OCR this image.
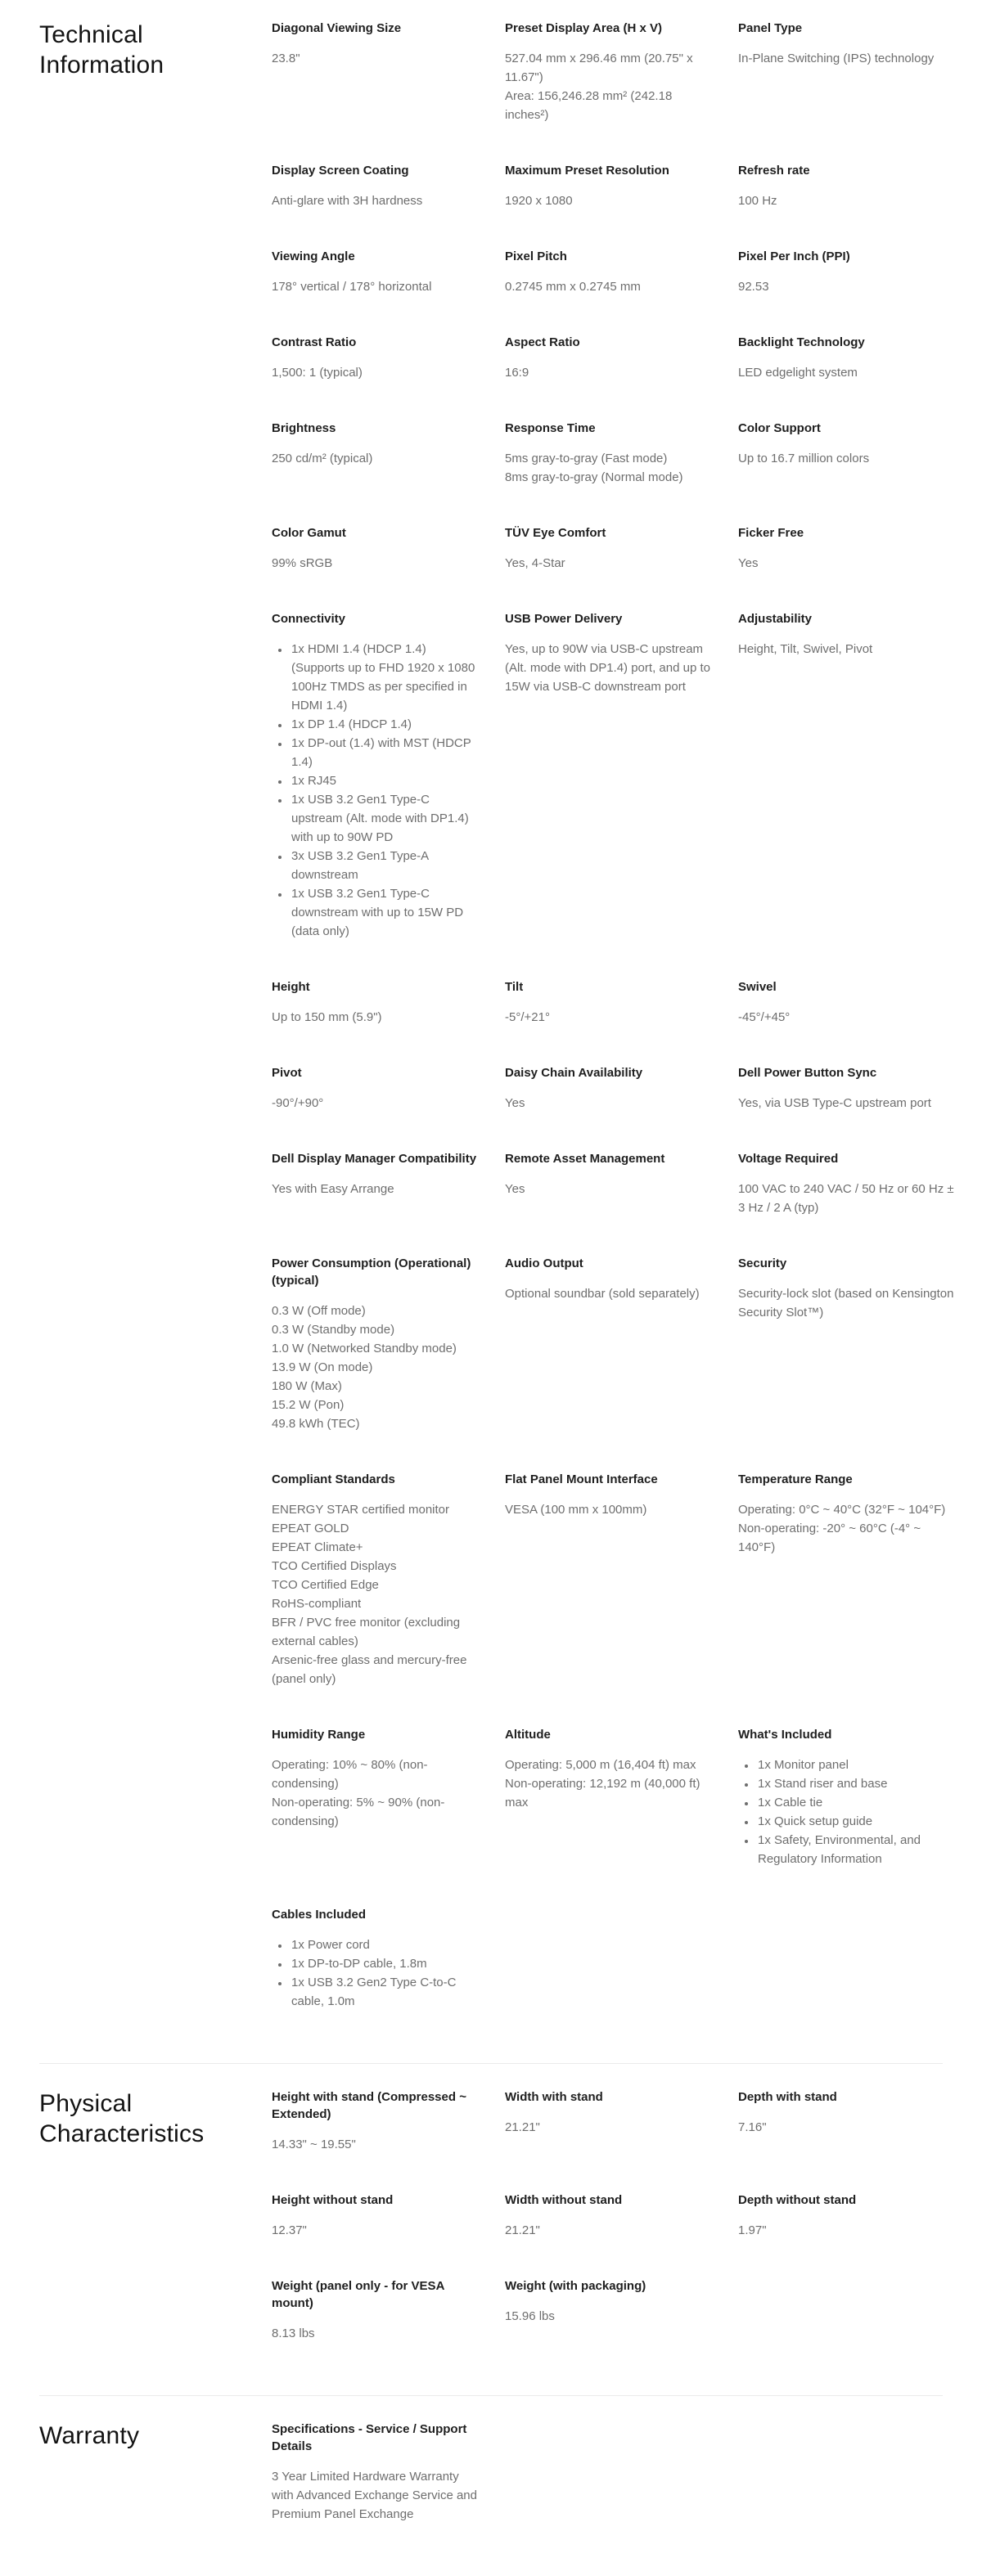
Technical Information
Diagonal Viewing Size
23.8"
Preset Display Area (H x V)
527.04 mm x 296.46 mm (20.75" x 11.67")
Area: 156,246.28 mm² (242.18 inches²)
Panel Type
In-Plane Switching (IPS) technology
Display Screen Coating
Anti-glare with 3H hardness
Maximum Preset Resolution
1920 x 1080
Refresh rate
100 Hz
Viewing Angle
178° vertical / 178° horizontal
Pixel Pitch
0.2745 mm x 0.2745 mm
Pixel Per Inch (PPI)
92.53
Contrast Ratio
1,500: 1 (typical)
Aspect Ratio
16:9
Backlight Technology
LED edgelight system
Brightness
250 cd/m² (typical)
Response Time
5ms gray-to-gray (Fast mode)
8ms gray-to-gray (Normal mode)
Color Support
Up to 16.7 million colors
Color Gamut
99% sRGB
TÜV Eye Comfort
Yes, 4-Star
Ficker Free
Yes
Connectivity
• 1x HDMI 1.4 (HDCP 1.4) (Supports up to FHD 1920 x 1080 100Hz TMDS as per specified in HDMI 1.4)
• 1x DP 1.4 (HDCP 1.4)
• 1x DP-out (1.4) with MST (HDCP 1.4)
• 1x RJ45
• 1x USB 3.2 Gen1 Type-C upstream (Alt. mode with DP1.4) with up to 90W PD
• 3x USB 3.2 Gen1 Type-A downstream
• 1x USB 3.2 Gen1 Type-C downstream with up to 15W PD (data only)
USB Power Delivery
Yes, up to 90W via USB-C upstream (Alt. mode with DP1.4) port, and up to 15W via USB-C downstream port
Adjustability
Height, Tilt, Swivel, Pivot
Height
Up to 150 mm (5.9")
Tilt
-5°/+21°
Swivel
-45°/+45°
Pivot
-90°/+90°
Daisy Chain Availability
Yes
Dell Power Button Sync
Yes, via USB Type-C upstream port
Dell Display Manager Compatibility
Yes with Easy Arrange
Remote Asset Management
Yes
Voltage Required
100 VAC to 240 VAC / 50 Hz or 60 Hz ± 3 Hz / 2 A (typ)
Power Consumption (Operational) (typical)
0.3 W (Off mode)
0.3 W (Standby mode)
1.0 W (Networked Standby mode)
13.9 W (On mode)
180 W (Max)
15.2 W (Pon)
49.8 kWh (TEC)
Audio Output
Optional soundbar (sold separately)
Security
Security-lock slot (based on Kensington Security Slot™)
Compliant Standards
ENERGY STAR certified monitor
EPEAT GOLD
EPEAT Climate+
TCO Certified Displays
TCO Certified Edge
RoHS-compliant
BFR / PVC free monitor (excluding external cables)
Arsenic-free glass and mercury-free (panel only)
Flat Panel Mount Interface
VESA (100 mm x 100mm)
Temperature Range
Operating: 0°C ~ 40°C (32°F ~ 104°F)
Non-operating: -20° ~ 60°C (-4° ~ 140°F)
Humidity Range
Operating: 10% ~ 80% (non-condensing)
Non-operating: 5% ~ 90% (non-condensing)
Altitude
Operating: 5,000 m (16,404 ft) max
Non-operating: 12,192 m (40,000 ft) max
What's Included
• 1x Monitor panel
• 1x Stand riser and base
• 1x Cable tie
• 1x Quick setup guide
• 1x Safety, Environmental, and Regulatory Information
Cables Included
• 1x Power cord
• 1x DP-to-DP cable, 1.8m
• 1x USB 3.2 Gen2 Type C-to-C cable, 1.0m
Physical Characteristics
Height with stand (Compressed ~ Extended)
14.33" ~ 19.55"
Width with stand
21.21"
Depth with stand
7.16"
Height without stand
12.37"
Width without stand
21.21"
Depth without stand
1.97"
Weight (panel only - for VESA mount)
8.13 lbs
Weight (with packaging)
15.96 lbs
Warranty	Specifications - Service / Support Details
3 Year Limited Hardware Warranty with Advanced Exchange Service and Premium Panel Exchange
